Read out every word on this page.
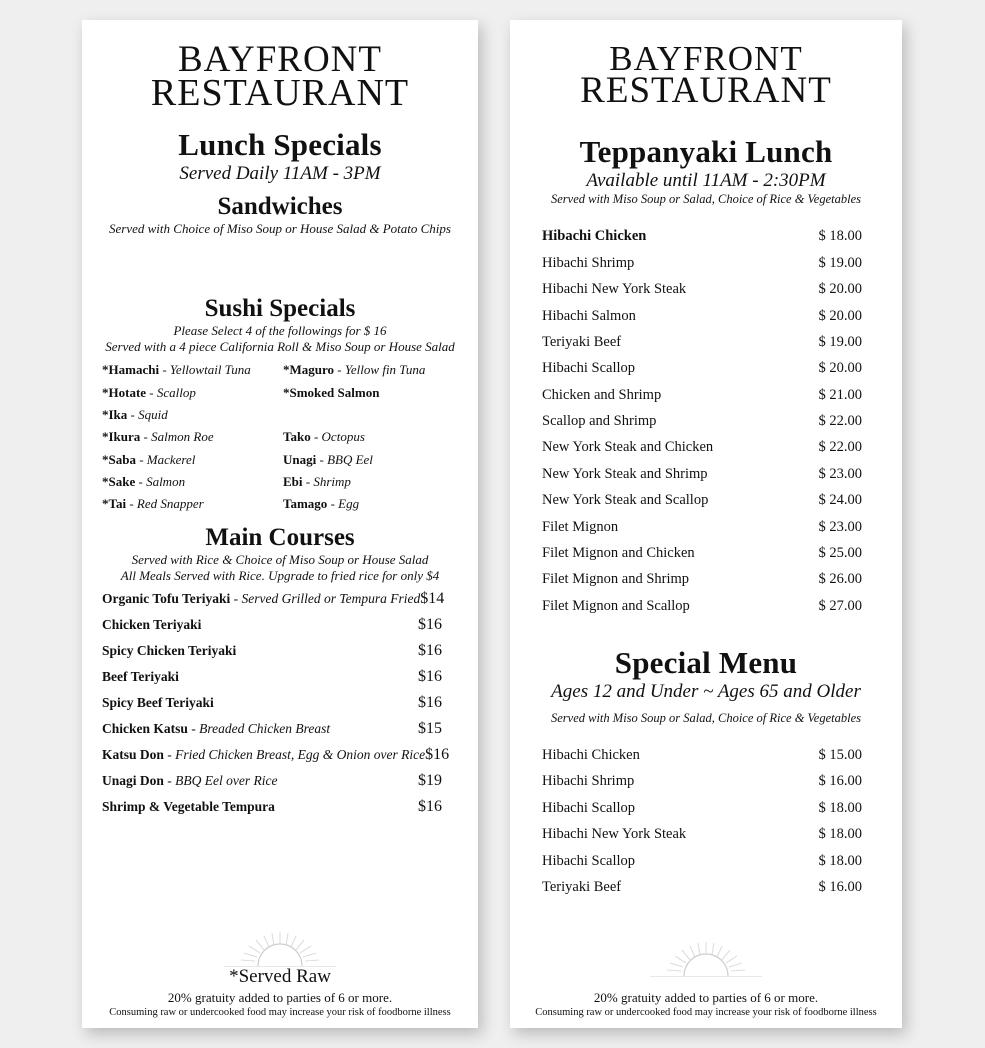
BAYFRONT
RESTAURANT
Lunch Specials
Served Daily 11AM - 3PM
Sandwiches
Served with Choice of Miso Soup or House Salad & Potato Chips
Sushi Specials
Please Select 4 of the followings for $ 16
Served with a 4 piece California Roll & Miso Soup or House Salad
*Hamachi - Yellowtail Tuna	*Maguro - Yellow fin Tuna
*Hotate - Scallop	*Smoked Salmon
*Ika - Squid

*Ikura - Salmon Roe	Tako - Octopus
*Saba - Mackerel	Unagi - BBQ Eel
*Sake - Salmon	Ebi - Shrimp
*Tai - Red Snapper	Tamago - Egg
Main Courses
Served with Rice & Choice of Miso Soup or House Salad
All Meals Served with Rice. Upgrade to fried rice for only $4
Organic Tofu Teriyaki - Served Grilled or Tempura Fried $14
Chicken Teriyaki	$16
Spicy Chicken Teriyaki	$16
Beef Teriyaki	$16
Spicy Beef Teriyaki	$16
Chicken Katsu - Breaded Chicken Breast	$15
Katsu Don - Fried Chicken Breast, Egg & Onion over Rice $16
Unagi Don - BBQ Eel over Rice	$19
Shrimp & Vegetable Tempura	$16
*Served Raw
20% gratuity added to parties of 6 or more.
Consuming raw or undercooked food may increase your risk of foodborne illness
BAYFRONT
RESTAURANT
Teppanyaki Lunch
Available until 11AM - 2:30PM
Served with Miso Soup or Salad, Choice of Rice & Vegetables
Hibachi Chicken	$ 18.00
Hibachi Shrimp	$ 19.00
Hibachi New York Steak	$ 20.00
Hibachi Salmon	$ 20.00
Teriyaki Beef	$ 19.00
Hibachi Scallop	$ 20.00
Chicken and Shrimp	$ 21.00
Scallop and Shrimp	$ 22.00
New York Steak and Chicken	$ 22.00
New York Steak and Shrimp	$ 23.00
New York Steak and Scallop	$ 24.00
Filet Mignon	$ 23.00
Filet Mignon and Chicken	$ 25.00
Filet Mignon and Shrimp	$ 26.00
Filet Mignon and Scallop	$ 27.00
Special Menu
Ages 12 and Under ~ Ages 65 and Older
Served with Miso Soup or Salad, Choice of Rice & Vegetables
Hibachi Chicken	$ 15.00
Hibachi Shrimp	$ 16.00
Hibachi Scallop	$ 18.00
Hibachi New York Steak	$ 18.00
Hibachi Scallop	$ 18.00
Teriyaki Beef	$ 16.00
20% gratuity added to parties of 6 or more.
Consuming raw or undercooked food may increase your risk of foodborne illness
